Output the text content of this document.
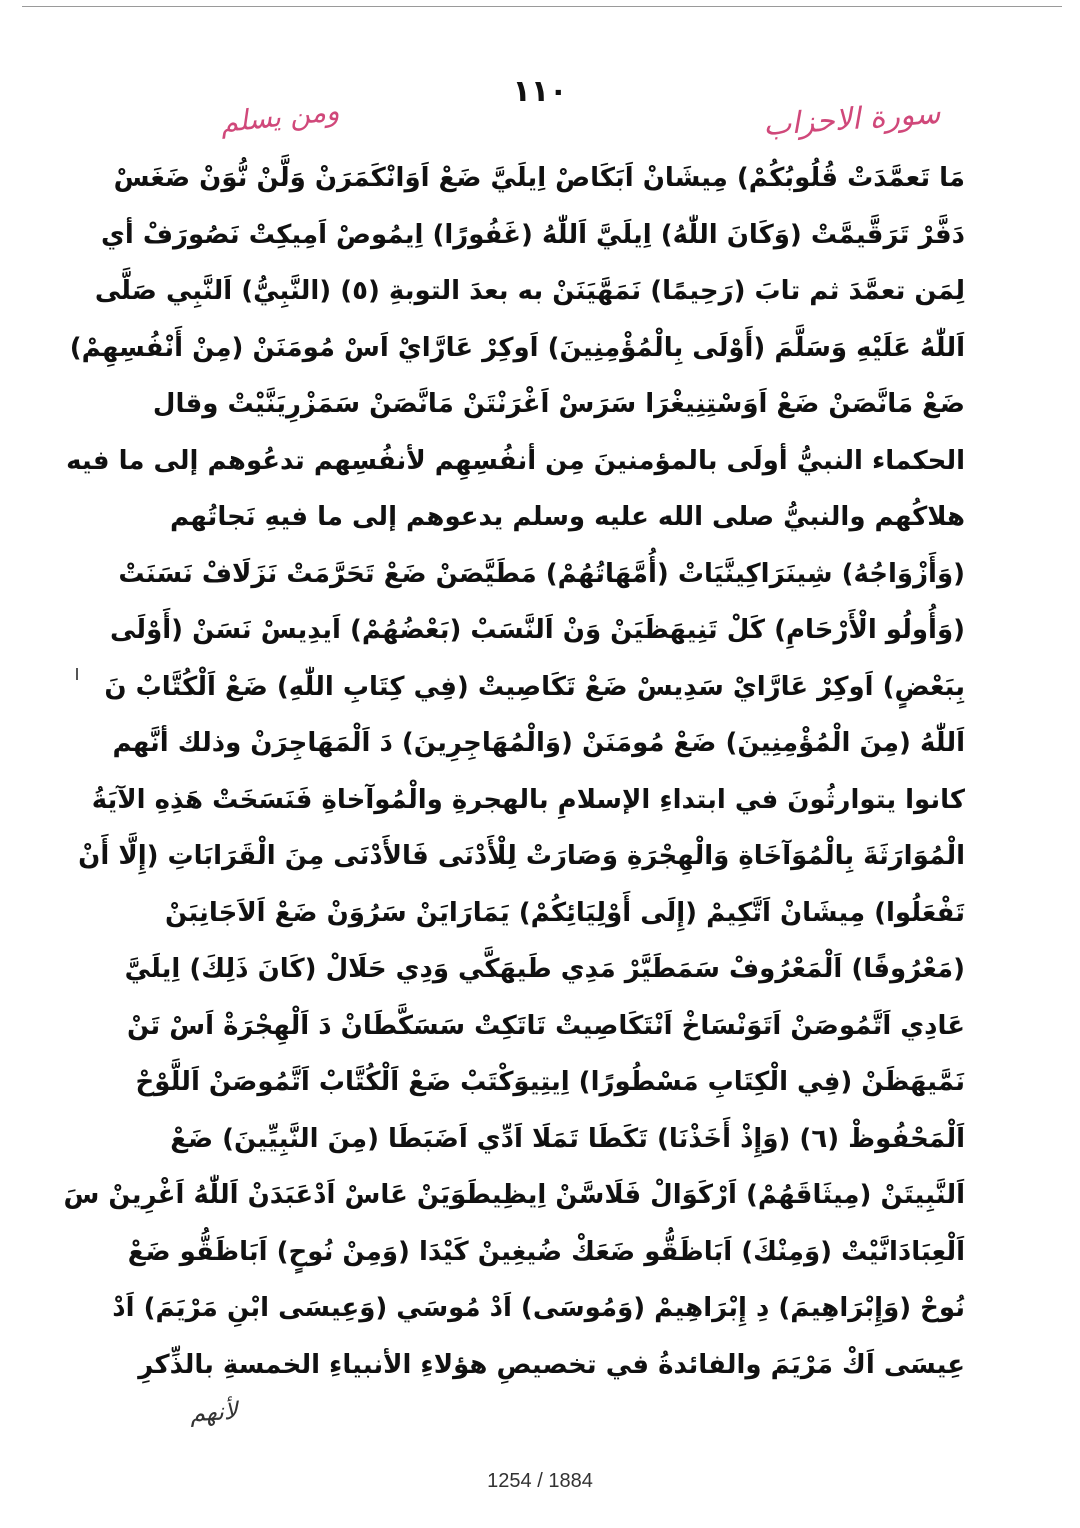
١١٠
سورة الاحزاب
ومن يسلم
مَا تَعمَّدَتْ قُلُوبُكُمْ) مِيشَانْ اَبَكَاصْ اِيلَيَّ ضَعْ اَوَانْكَمَرَنْ وَلَّنْ نُّوَنْ ضَغَسْ
دَفَّرْ تَرَقَّيمَّتْ (وَكَانَ اللّٰهُ) اِيلَيَّ اَللّٰهُ (غَفُورًا) اِيمُوصْ اَمِيكِتْ نَصُورَفْ أي
لِمَن تعمَّدَ ثم تابَ (رَحِيمًا) نَمَهَّيَنَنْ به بعدَ التوبةِ (٥) (النَّبِيُّ) اَلنَّبِي صَلَّى
اَللّٰهُ عَلَيْهِ وَسَلَّمَ (أَوْلَى بِالْمُؤْمِنِينَ) اَوكِرْ عَارَّايْ اَسْ مُومَنَنْ (مِنْ أَنْفُسِهِمْ)
ضَعْ مَانَّصَنْ ضَعْ اَوَسْتِنِيغْرَا سَرَسْ اَغْرَنْتَنْ مَانَّصَنْ سَمَزْرِيَنَّيْتْ وقال
الحكماء النبيُّ أولَى بالمؤمنينَ مِن أنفُسِهِم لأنفُسِهم تدعُوهم إلى ما فيه
هلاكُهم والنبيُّ صلى الله عليه وسلم يدعوهم إلى ما فيهِ نَجاتُهم
(وَأَزْوَاجُهُ) شِينَرَاكِينَّيَاتْ (أُمَّهَاتُهُمْ) مَطَيَّصَنْ ضَعْ تَحَرَّمَتْ نَزَلَافْ نَسَنَتْ
(وَأُولُو الْأَرْحَامِ) كَلْ تَنِيهَظَيَنْ وَنْ اَلنَّسَبْ (بَعْضُهُمْ) اَيدِيسْ نَسَنْ (أَوْلَى
بِبَعْضٍ) اَوكِرْ عَارَّايْ سَدِيسْ ضَعْ تَكَاصِيتْ (فِي كِتَابِ اللّٰهِ) ضَعْ اَلْكُتَّابْ نَ
اَللّٰهُ (مِنَ الْمُؤْمِنِينَ) ضَعْ مُومَنَنْ (وَالْمُهَاجِرِينَ) دَ اَلْمَهَاجِرَنْ وذلك أنَّهم
كانوا يتوارثُونَ في ابتداءِ الإسلامِ بالهجرةِ والْمُوآخاةِ فَنَسَخَتْ هَذِهِ الآيَةُ
الْمُوَارَثَةَ بِالْمُوَآخَاةِ وَالْهِجْرَةِ وَصَارَتْ لِلْأَدْنَى فَالأَدْنَى مِنَ الْقَرَابَاتِ (إِلَّا أَنْ
تَفْعَلُوا) مِيشَانْ اَتَّكِيمْ (إِلَى أَوْلِيَائِكُمْ) يَمَارَايَنْ سَرُوَنْ ضَعْ اَلاَجَانِبَنْ
(مَعْرُوفًا) اَلْمَعْرُوفْ سَمَطَيَّرْ مَدِي طَيهَكَّي وَدِي حَلَالْ (كَانَ ذَلِكَ) اِيلَيَّ
عَادِي اَتَّمُوصَنْ اَتَوَنْسَاخْ اَنْتَكَاصِيتْ تَاتَكِتْ سَسَكَّطَانْ دَ اَلْهِجْرَةْ اَسْ تَنْ
نَمَّيهَظَنْ (فِي الْكِتَابِ مَسْطُورًا) اِيتِيوَكْتَبْ ضَعْ اَلْكُتَّابْ اَتَّمُوصَنْ اَللَّوْحْ
اَلْمَحْفُوظْ (٦) (وَإِذْ أَخَذْنَا) تَكَطَا تَمَلَا اَدِّي اَضَبَطَا (مِنَ النَّبِيِّينَ) ضَعْ
اَلنَّبِيتَنْ (مِيثَاقَهُمْ) اَرْكَوَالْ فَلَاسَّنْ اِيظِيطَوَيَنْ عَاسْ اَدْعَبَدَنْ اَللّٰهُ اَغْرِينْ سَ
اَلْعِبَادَانَّيْتْ (وَمِنْكَ) اَبَاظَقُّو ضَعَكْ ضُيغِينْ كَيْدَا (وَمِنْ نُوحٍ) اَبَاظَقُّو ضَعْ
نُوحْ (وَإِبْرَاهِيمَ) دِ إِبْرَاهِيمْ (وَمُوسَى) اَدْ مُوسَي (وَعِيسَى ابْنِ مَرْيَمَ) اَدْ
عِيسَى اَكْ مَرْيَمَ والفائدةُ في تخصيصِ هؤلاءِ الأنبياءِ الخمسةِ بالذِّكرِ
لأنهم
1254 / 1884
